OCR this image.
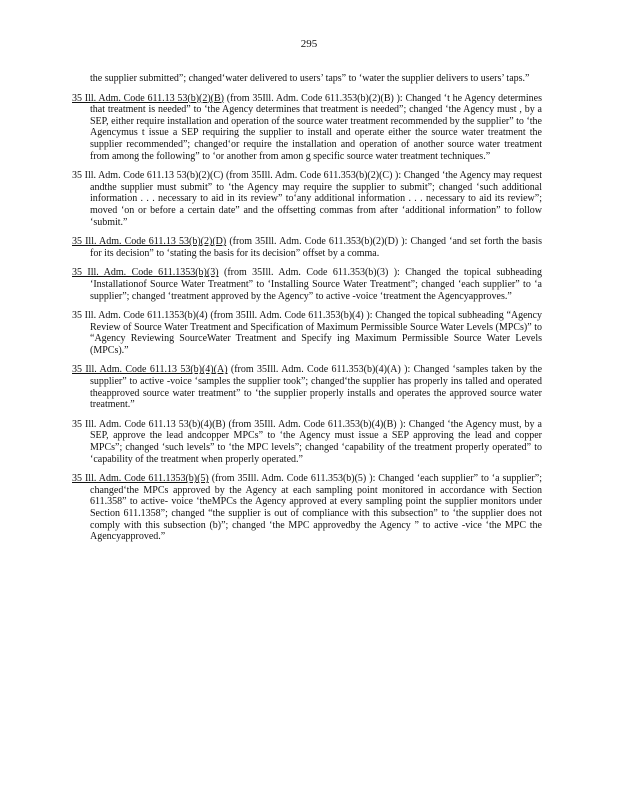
295
the supplier submitted”; changed‘water delivered to users’ taps” to ‘water the supplier delivers to users’ taps.”

35 Ill. Adm. Code 611.13 53(b)(2)(B) (from 35Ill. Adm. Code 611.353(b)(2)(B) ): Changed ‘t he Agency determines that treatment is needed” to ‘the Agency determines that treatment is needed”; changed ‘the Agency must , by a SEP, either require installation and operation of the source water treatment recommended by the supplier” to ‘the Agencymus t issue a SEP requiring the supplier to install and operate either the source water treatment the supplier recommended”; changed‘or require the installation and operation of another source water treatment from among the following” to ‘or another from amon g specific source water treatment techniques.”

35 Ill. Adm. Code 611.13 53(b)(2)(C) (from 35Ill. Adm. Code 611.353(b)(2)(C) ): Changed ‘the Agency may request andthe supplier must submit” to ‘the Agency may require the supplier to submit”; changed ‘such additional information . . . necessary to aid in its review” to‘any additional information . . . necessary to aid its review”; moved ‘on or before a certain date” and the offsetting commas from after ‘additional information” to follow ‘submit.”

35 Ill. Adm. Code 611.13 53(b)(2)(D) (from 35Ill. Adm. Code 611.353(b)(2)(D) ): Changed ‘and set forth the basis for its decision” to ‘stating the basis for its decision” offset by a comma.

35 Ill. Adm. Code 611.1353(b)(3) (from 35Ill. Adm. Code 611.353(b)(3) ): Changed the topical subheading ‘Installationof Source Water Treatment” to ‘Installing Source Water Treatment”; changed ‘each supplier” to ‘a supplier”; changed ‘treatment approved by the Agency” to active -voice ‘treatment the Agencyapproves.”

35 Ill. Adm. Code 611.1353(b)(4) (from 35Ill. Adm. Code 611.353(b)(4) ): Changed the topical subheading “Agency Review of Source Water Treatment and Specification of Maximum Permissible Source Water Levels (MPCs)” to “Agency Reviewing SourceWater Treatment and Specify ing Maximum Permissible Source Water Levels (MPCs).”

35 Ill. Adm. Code 611.13 53(b)(4)(A) (from 35Ill. Adm. Code 611.353(b)(4)(A) ): Changed ‘samples taken by the supplier” to active -voice ‘samples the supplier took”; changed‘the supplier has properly ins talled and operated theapproved source water treatment” to ‘the supplier properly installs and operates the approved source water treatment.”

35 Ill. Adm. Code 611.13 53(b)(4)(B) (from 35Ill. Adm. Code 611.353(b)(4)(B) ): Changed ‘the Agency must, by a SEP, approve the lead andcopper MPCs” to ‘the Agency must issue a SEP approving the lead and copper MPCs”; changed ‘such levels” to ‘the MPC levels”; changed ‘capability of the treatment properly operated” to ‘capability of the treatment when properly operated.”

35 Ill. Adm. Code 611.1353(b)(5) (from 35Ill. Adm. Code 611.353(b)(5) ): Changed ‘each supplier” to ‘a supplier”; changed‘the MPCs approved by the Agency at each sampling point monitored in accordance with Section 611.358” to active- voice ‘theMPCs the Agency approved at every sampling point the supplier monitors under Section 611.1358”; changed “the supplier is out of compliance with this subsection” to ‘the supplier does not comply with this subsection (b)”; changed ‘the MPC approvedby the Agency ” to active -vice ‘the MPC the Agencyapproved.”
